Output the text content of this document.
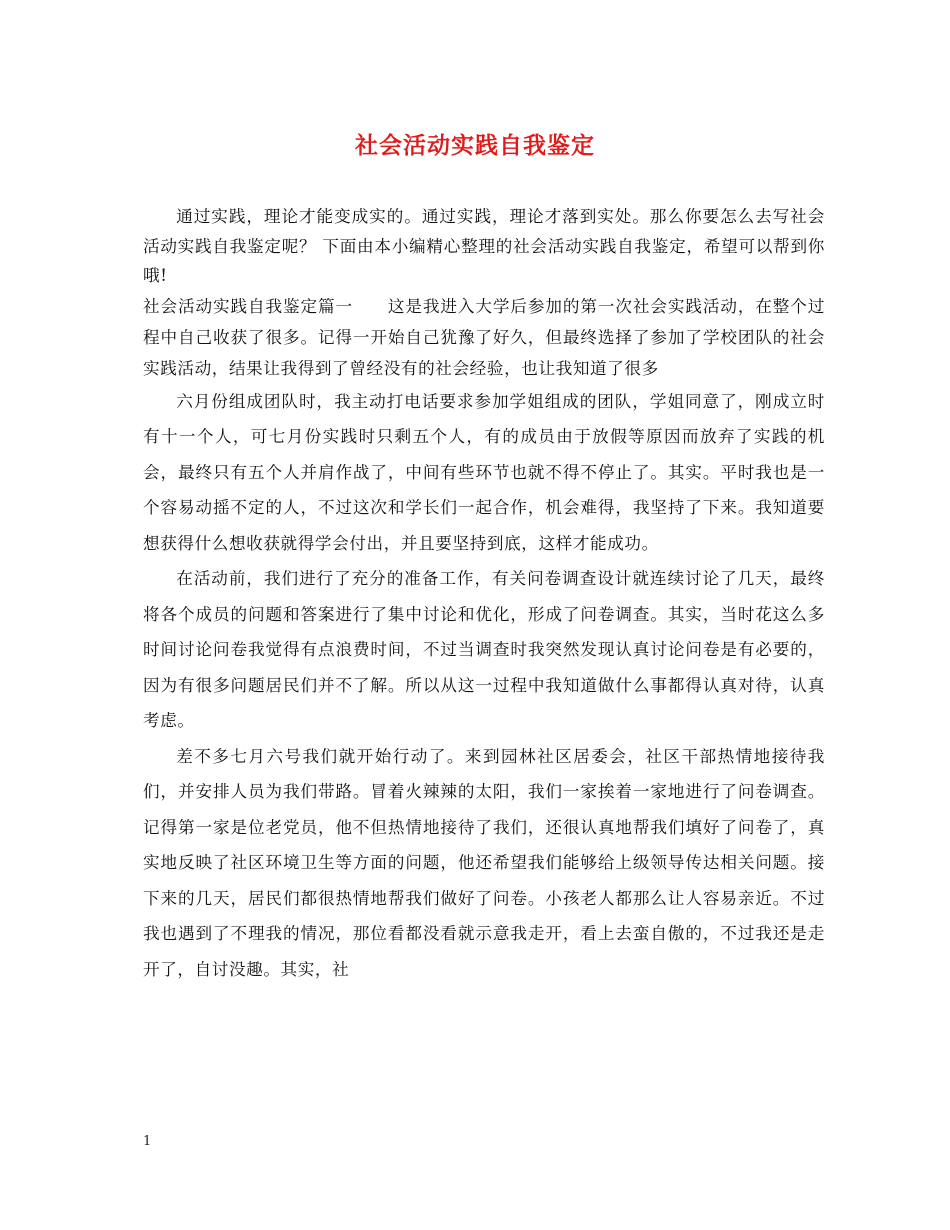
社会活动实践自我鉴定

通过实践，理论才能变成实的。通过实践，理论才落到实处。那么你要怎么去写社会活动实践自我鉴定呢？ 下面由本小编精心整理的社会活动实践自我鉴定，希望可以帮到你哦!

社会活动实践自我鉴定篇一　　这是我进入大学后参加的第一次社会实践活动，在整个过程中自己收获了很多。记得一开始自己犹豫了好久，但最终选择了参加了学校团队的社会实践活动，结果让我得到了曾经没有的社会经验，也让我知道了很多

六月份组成团队时，我主动打电话要求参加学姐组成的团队，学姐同意了，刚成立时有十一个人，可七月份实践时只剩五个人，有的成员由于放假等原因而放弃了实践的机会，最终只有五个人并肩作战了，中间有些环节也就不得不停止了。其实。平时我也是一个容易动摇不定的人，不过这次和学长们一起合作，机会难得，我坚持了下来。我知道要想获得什么想收获就得学会付出，并且要坚持到底，这样才能成功。

在活动前，我们进行了充分的准备工作，有关问卷调查设计就连续讨论了几天，最终将各个成员的问题和答案进行了集中讨论和优化，形成了问卷调查。其实，当时花这么多时间讨论问卷我觉得有点浪费时间，不过当调查时我突然发现认真讨论问卷是有必要的，因为有很多问题居民们并不了解。所以从这一过程中我知道做什么事都得认真对待，认真考虑。

差不多七月六号我们就开始行动了。来到园林社区居委会，社区干部热情地接待我们，并安排人员为我们带路。冒着火辣辣的太阳，我们一家挨着一家地进行了问卷调查。记得第一家是位老党员，他不但热情地接待了我们，还很认真地帮我们填好了问卷了，真实地反映了社区环境卫生等方面的问题，他还希望我们能够给上级领导传达相关问题。接下来的几天，居民们都很热情地帮我们做好了问卷。小孩老人都那么让人容易亲近。不过我也遇到了不理我的情况，那位看都没看就示意我走开，看上去蛮自傲的，不过我还是走开了，自讨没趣。其实，社

1
